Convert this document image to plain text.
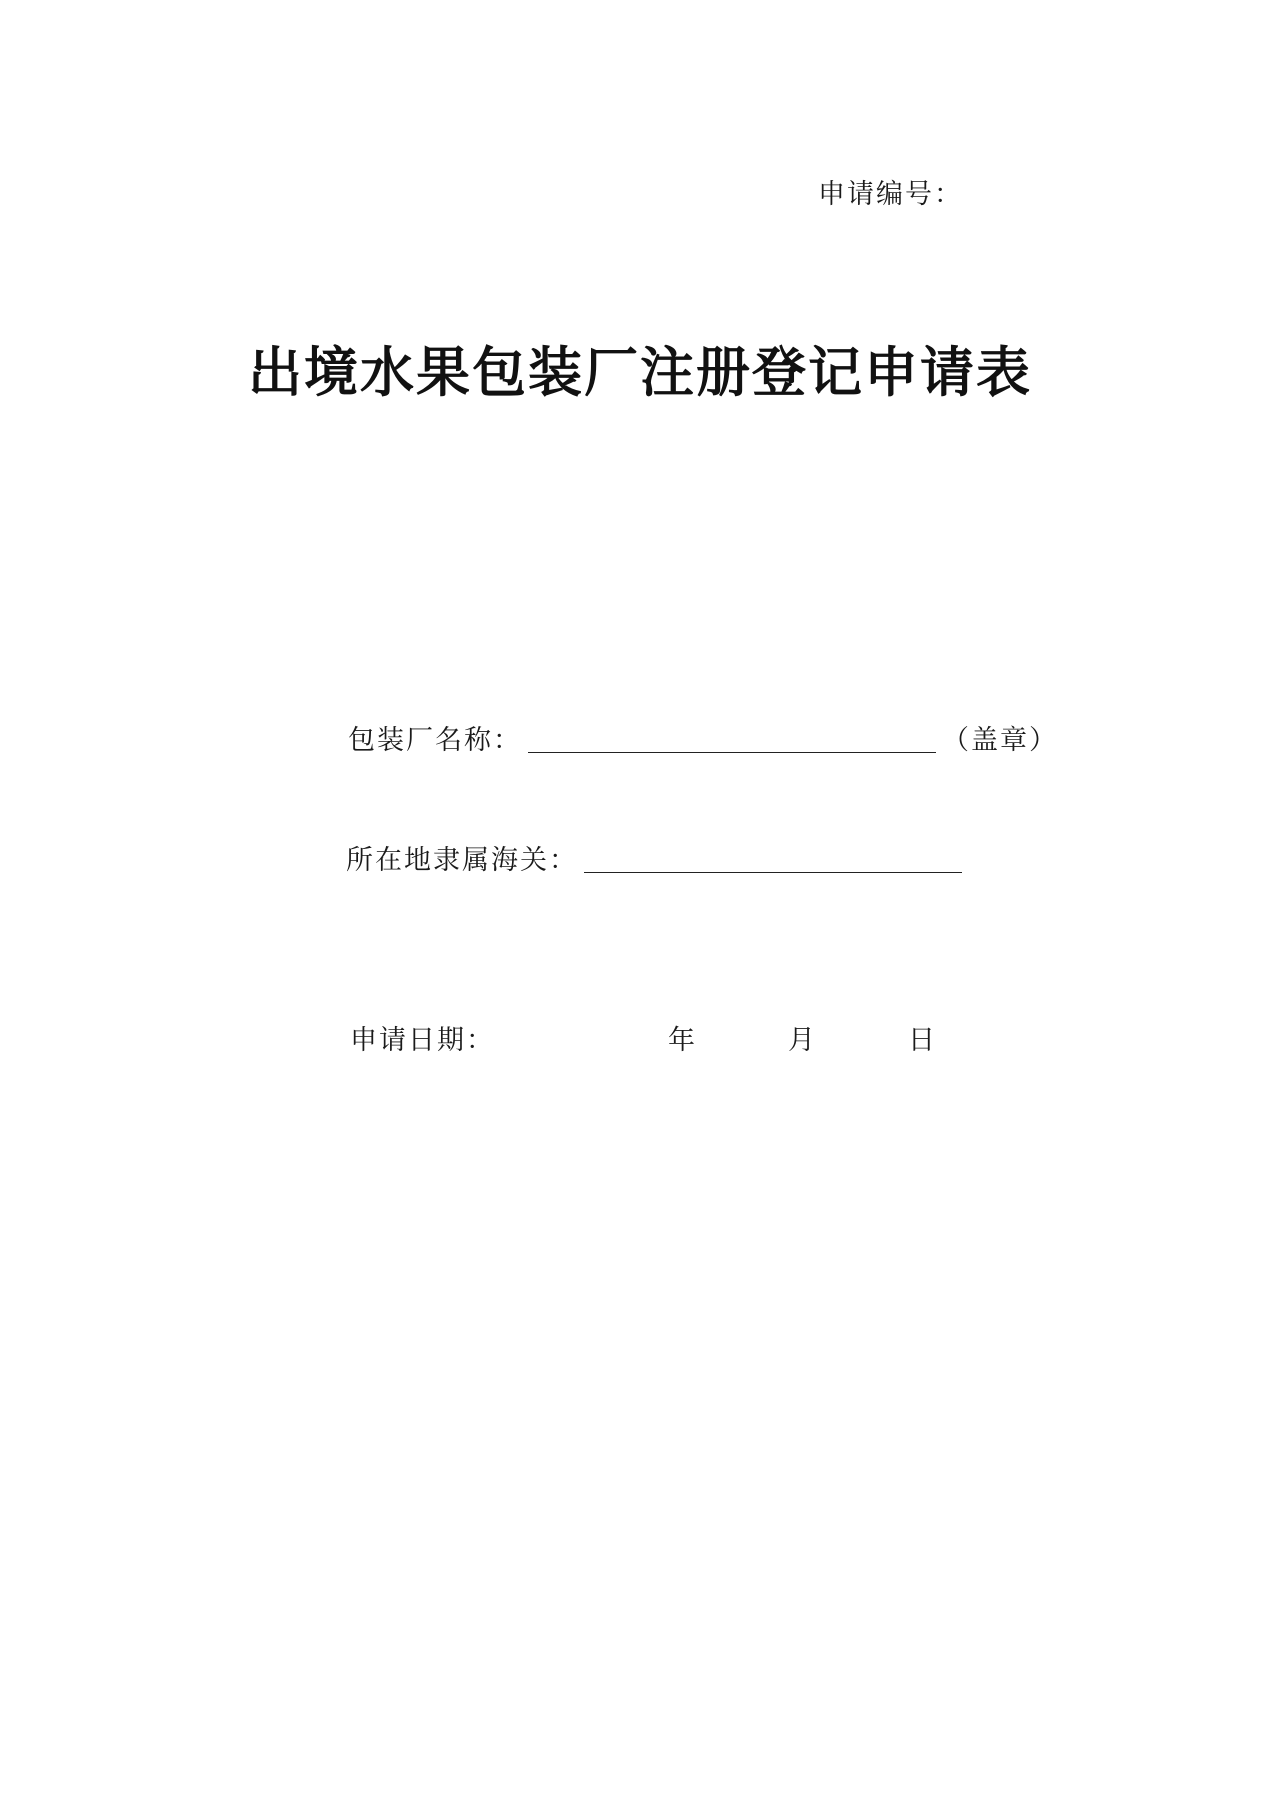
申请编号：
出境水果包装厂注册登记申请表
包装厂名称：	（盖章）
所在地隶属海关：
申请日期：	年	月	日
